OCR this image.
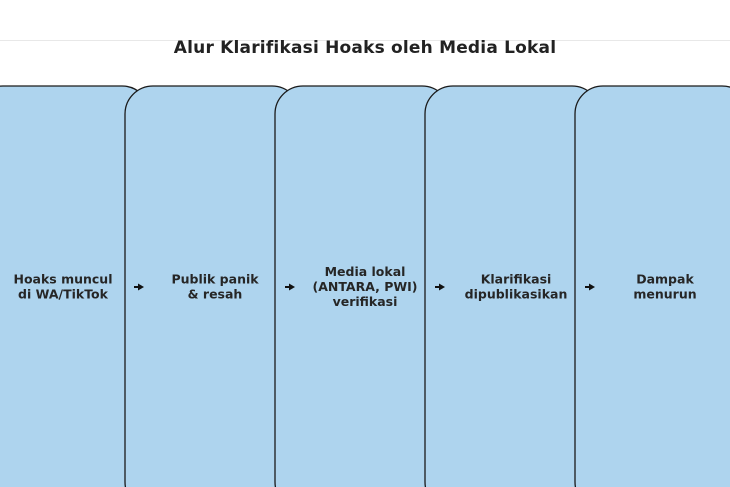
Alur Klarifikasi Hoaks oleh Media Lokal
Hoaks muncul di WA/TikTok
Publik panik & resah
Media lokal (ANTARA, PWI) verifikasi
Klarifikasi dipublikasikan
Dampak menurun
